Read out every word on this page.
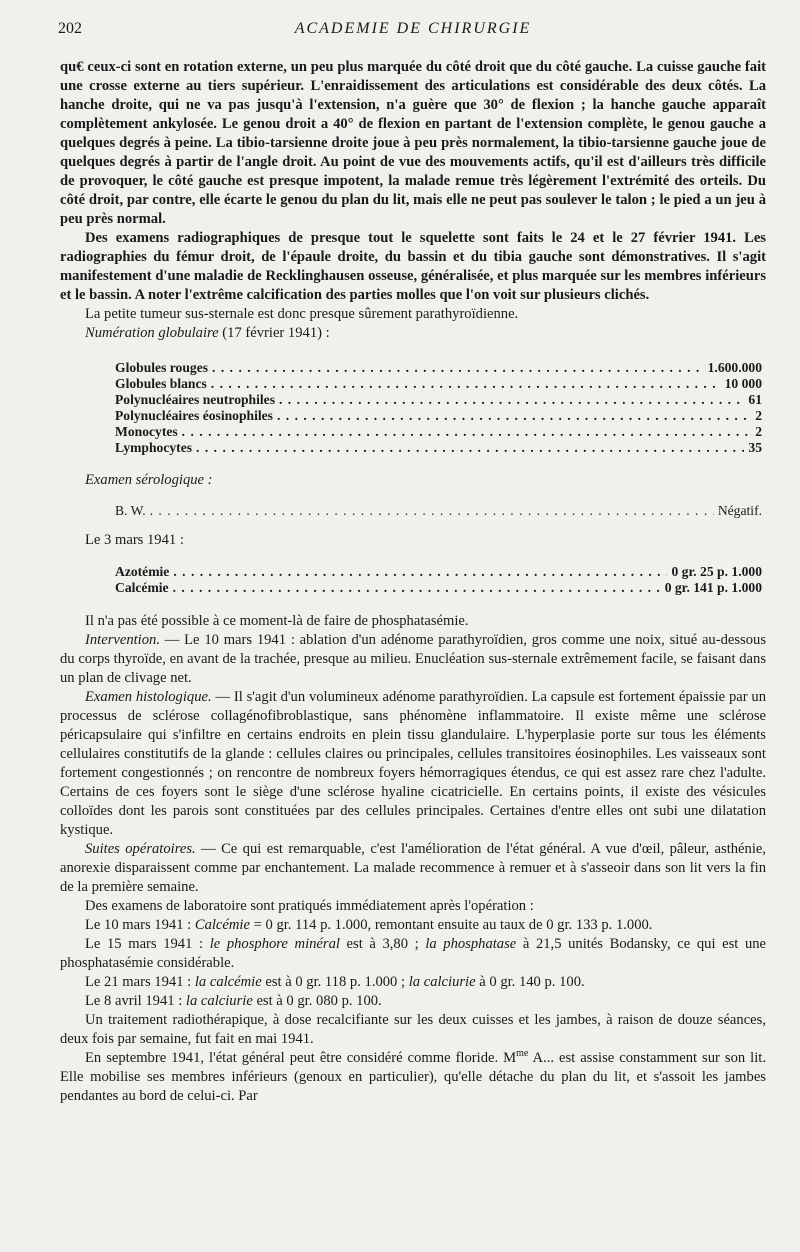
202	ACADEMIE DE CHIRURGIE

qu€ ceux-ci sont en rotation externe, un peu plus marquée du côté droit que du côté gauche. La cuisse gauche fait une crosse externe au tiers supérieur. L'enraidissement des articulations est considérable des deux côtés. La hanche droite, qui ne va pas jusqu'à l'extension, n'a guère que 30° de flexion ; la hanche gauche apparaît complètement ankylosée. Le genou droit a 40° de flexion en partant de l'extension complète, le genou gauche a quelques degrés à peine. La tibio-tarsienne droite joue à peu près normalement, la tibio-tarsienne gauche joue de quelques degrés à partir de l'angle droit. Au point de vue des mouvements actifs, qu'il est d'ailleurs très difficile de provoquer, le côté gauche est presque impotent, la malade remue très légèrement l'extrémité des orteils. Du côté droit, par contre, elle écarte le genou du plan du lit, mais elle ne peut pas soulever le talon ; le pied a un jeu à peu près normal.

Des examens radiographiques de presque tout le squelette sont faits le 24 et le 27 février 1941. Les radiographies du fémur droit, de l'épaule droite, du bassin et du tibia gauche sont démonstratives. Il s'agit manifestement d'une maladie de Recklinghausen osseuse, généralisée, et plus marquée sur les membres inférieurs et le bassin. A noter l'extrême calcification des parties molles que l'on voit sur plusieurs clichés.

La petite tumeur sus-sternale est donc presque sûrement parathyroïdienne.

Numération globulaire (17 février 1941) :

Globules rouges . . .	1.600.000
Globules blancs . . .	10 000
Polynucléaires neutrophiles . . .	61
Polynucléaires éosinophiles . . .	2
Monocytes . . .	2
Lymphocytes . . .	35

Examen sérologique :

B. W. . . .	Négatif.

Le 3 mars 1941 :

Azotémie . . .	0 gr. 25 p. 1.000
Calcémie . . .	0 gr. 141 p. 1.000

Il n'a pas été possible à ce moment-là de faire de phosphatasémie.

Intervention. — Le 10 mars 1941 : ablation d'un adénome parathyroïdien, gros comme une noix, situé au-dessous du corps thyroïde, en avant de la trachée, presque au milieu. Enucléation sus-sternale extrêmement facile, se faisant dans un plan de clivage net.

Examen histologique. — Il s'agit d'un volumineux adénome parathyroïdien. La capsule est fortement épaissie par un processus de sclérose collagénofibroblastique, sans phénomène inflammatoire. Il existe même une sclérose péricapsulaire qui s'infiltre en certains endroits en plein tissu glandulaire. L'hyperplasie porte sur tous les éléments cellulaires constitutifs de la glande : cellules claires ou principales, cellules transitoires éosinophiles. Les vaisseaux sont fortement congestionnés ; on rencontre de nombreux foyers hémorragiques étendus, ce qui est assez rare chez l'adulte. Certains de ces foyers sont le siège d'une sclérose hyaline cicatricielle. En certains points, il existe des vésicules colloïdes dont les parois sont constituées par des cellules principales. Certaines d'entre elles ont subi une dilatation kystique.

Suites opératoires. — Ce qui est remarquable, c'est l'amélioration de l'état général. A vue d'œil, pâleur, asthénie, anorexie disparaissent comme par enchantement. La malade recommence à remuer et à s'asseoir dans son lit vers la fin de la première semaine.

Des examens de laboratoire sont pratiqués immédiatement après l'opération :

Le 10 mars 1941 : Calcémie = 0 gr. 114 p. 1.000, remontant ensuite au taux de 0 gr. 133 p. 1.000.

Le 15 mars 1941 : le phosphore minéral est à 3,80 ; la phosphatase à 21,5 unités Bodansky, ce qui est une phosphatasémie considérable.

Le 21 mars 1941 : la calcémie est à 0 gr. 118 p. 1.000 ; la calciurie à 0 gr. 140 p. 100.

Le 8 avril 1941 : la calciurie est à 0 gr. 080 p. 100.

Un traitement radiothérapique, à dose recalcifiante sur les deux cuisses et les jambes, à raison de douze séances, deux fois par semaine, fut fait en mai 1941.

En septembre 1941, l'état général peut être considéré comme floride. $M^{me}$ A... est assise constamment sur son lit. Elle mobilise ses membres inférieurs (genoux en particulier), qu'elle détache du plan du lit, et s'assoit les jambes pendantes au bord de celui-ci. Par
